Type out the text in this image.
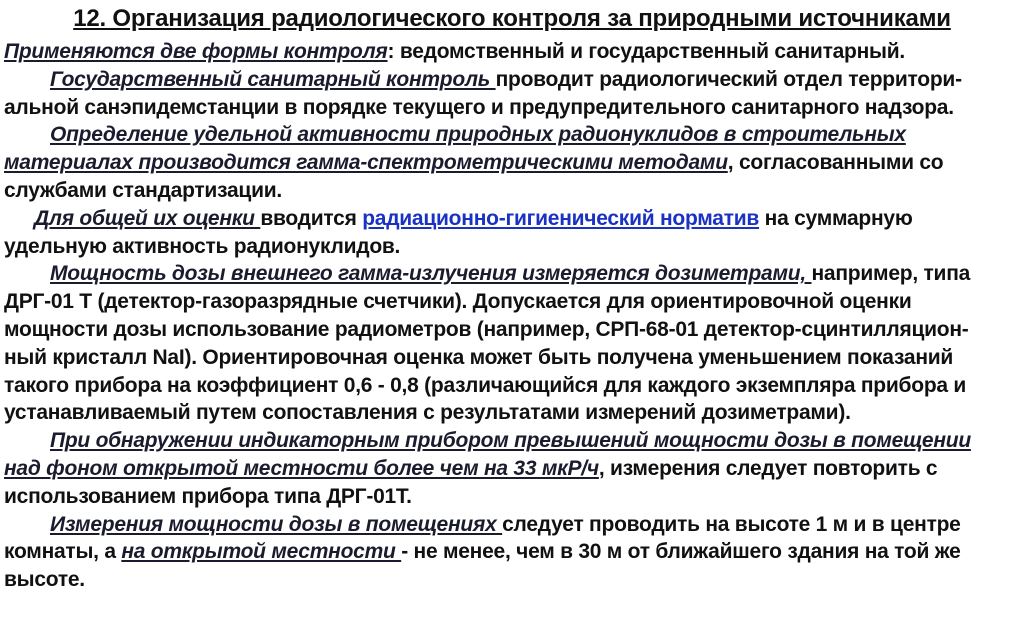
12. Организация радиологического контроля за природными источниками
Применяются две формы контроля: ведомственный и государственный санитарный.
Государственный санитарный контроль проводит радиологический отдел территори-
альной санэпидемстанции в порядке текущего и предупредительного санитарного надзора.
Определение удельной активности природных радионуклидов в строительных
материалах производится гамма-спектрометрическими методами, согласованными со
службами стандартизации.
Для общей их оценки вводится радиационно-гигиенический норматив на суммарную
удельную активность радионуклидов.
Мощность дозы внешнего гамма-излучения измеряется дозиметрами, например, типа
ДРГ-01 Т (детектор-газоразрядные счетчики). Допускается для ориентировочной оценки
мощности дозы использование радиометров (например, СРП-68-01 детектор-сцинтилляцион-
ный кристалл NaI). Ориентировочная оценка может быть получена уменьшением показаний
такого прибора на коэффициент 0,6 - 0,8 (различающийся для каждого экземпляра прибора и
устанавливаемый путем сопоставления с результатами измерений дозиметрами).
При обнаружении индикаторным прибором превышений мощности дозы в помещении
над фоном открытой местности более чем на 33 мкР/ч, измерения следует повторить с
использованием прибора типа ДРГ-01Т.
Измерения мощности дозы в помещениях следует проводить на высоте 1 м и в центре
комнаты, а на открытой местности - не менее, чем в 30 м от ближайшего здания на той же
высоте.
